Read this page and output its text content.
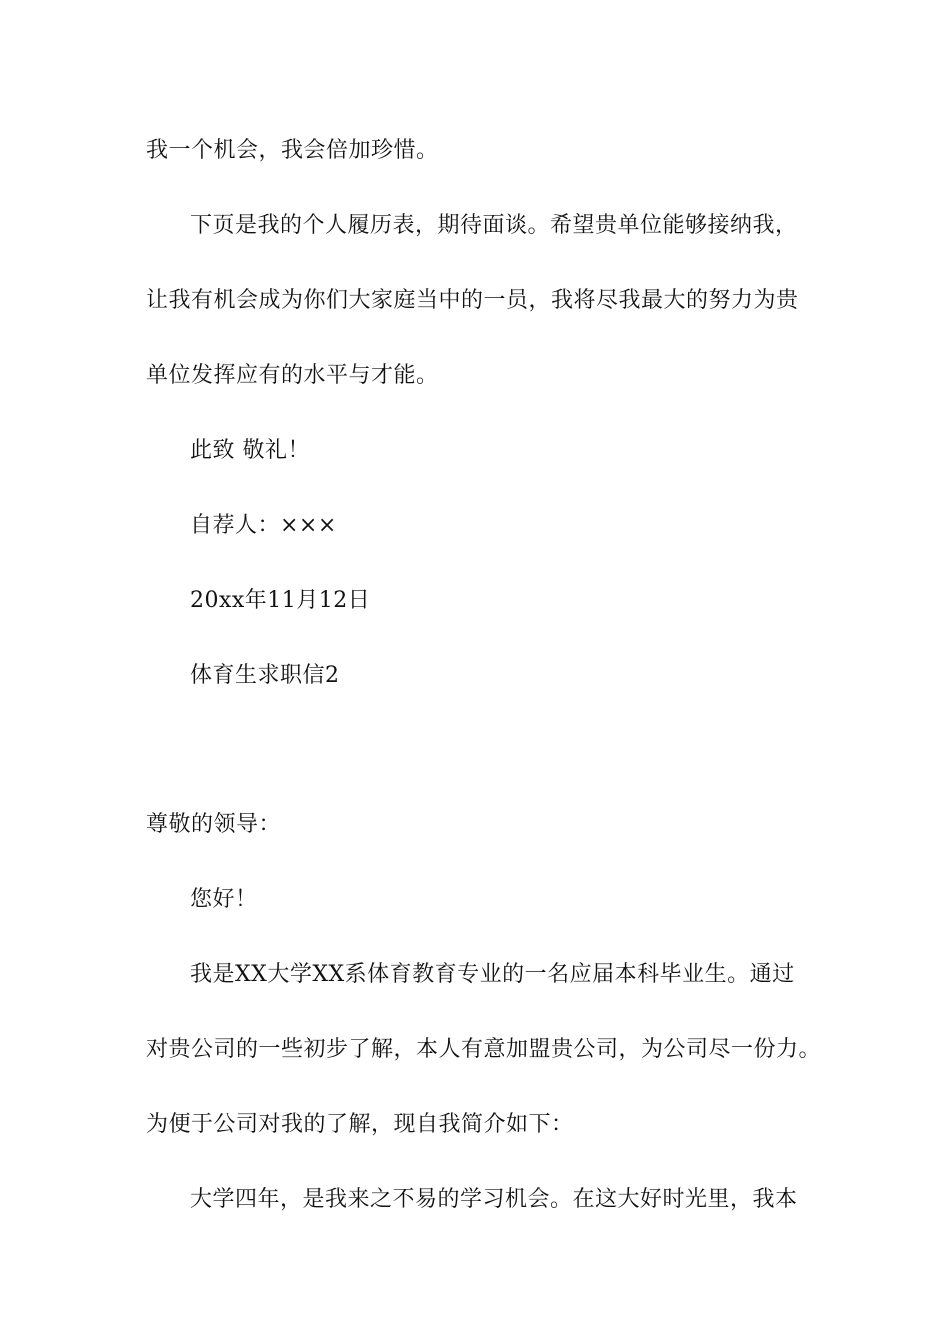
我一个机会，我会倍加珍惜。
下页是我的个人履历表，期待面谈。希望贵单位能够接纳我，
让我有机会成为你们大家庭当中的一员，我将尽我最大的努力为贵
单位发挥应有的水平与才能。
此致 敬礼！
自荐人：×××
20xx年11月12日
体育生求职信2
尊敬的领导：
您好！
我是XX大学XX系体育教育专业的一名应届本科毕业生。通过
对贵公司的一些初步了解，本人有意加盟贵公司，为公司尽一份力。
为便于公司对我的了解，现自我简介如下：
大学四年，是我来之不易的学习机会。在这大好时光里，我本
